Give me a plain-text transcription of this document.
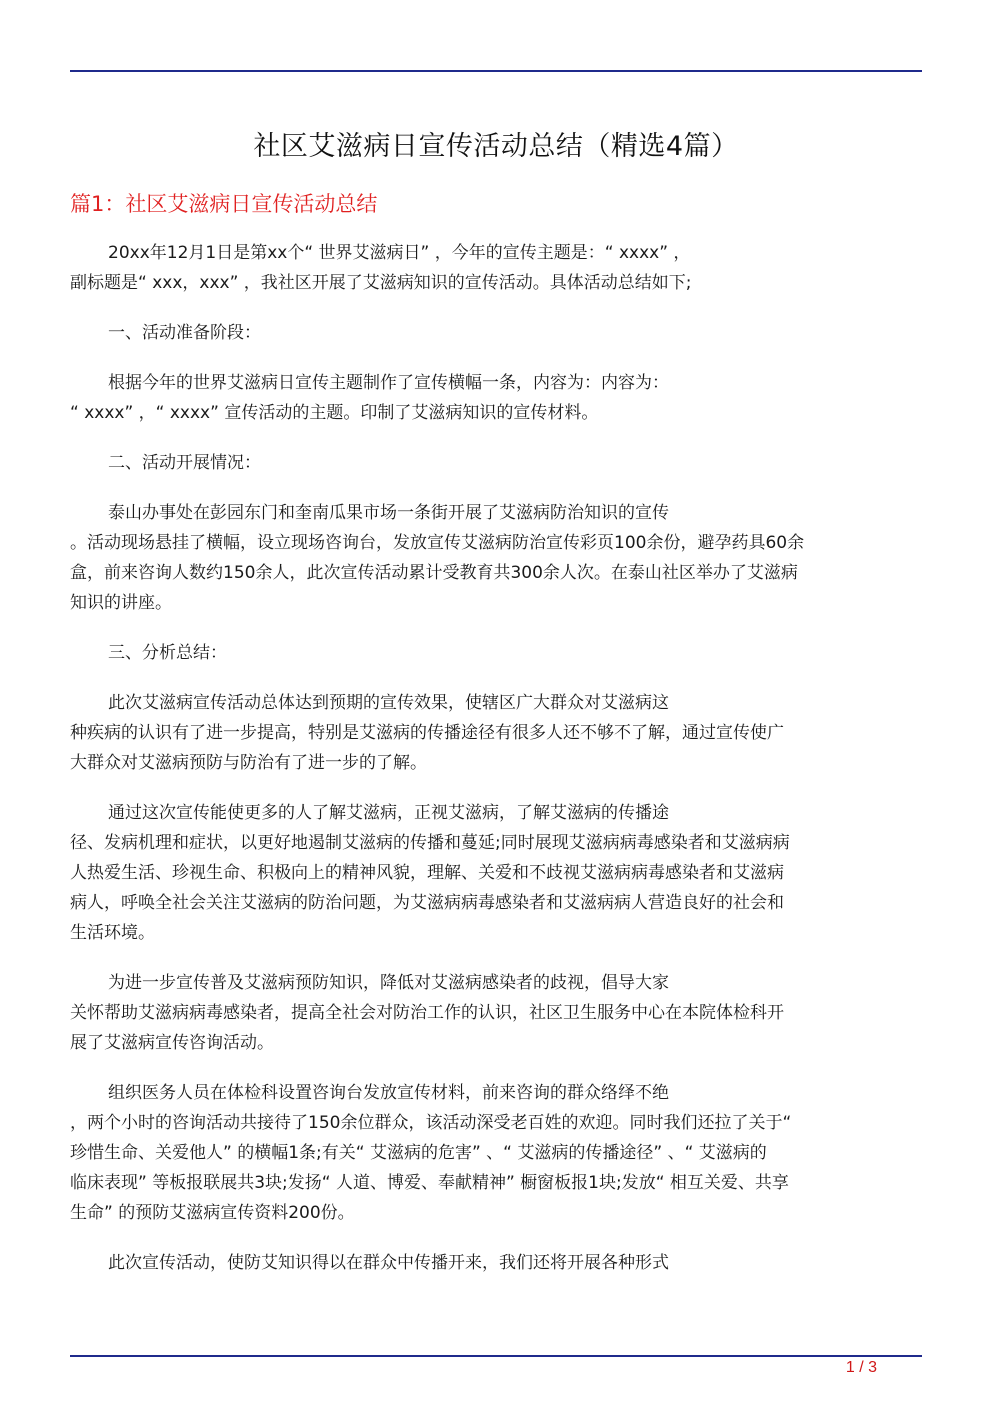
社区艾滋病日宣传活动总结（精选4篇）
篇1：社区艾滋病日宣传活动总结

20xx年12月1日是第xx个“ 世界艾滋病日” ，今年的宣传主题是：“ xxxx” ，
副标题是“ xxx，xxx” ，我社区开展了艾滋病知识的宣传活动。具体活动总结如下;

一、活动准备阶段：

根据今年的世界艾滋病日宣传主题制作了宣传横幅一条，内容为：内容为：
“ xxxx” ，“ xxxx” 宣传活动的主题。印制了艾滋病知识的宣传材料。

二、活动开展情况：

泰山办事处在彭园东门和奎南瓜果市场一条街开展了艾滋病防治知识的宣传
。活动现场悬挂了横幅，设立现场咨询台，发放宣传艾滋病防治宣传彩页100余份，避孕药具60余
盒，前来咨询人数约150余人，此次宣传活动累计受教育共300余人次。在泰山社区举办了艾滋病
知识的讲座。

三、分析总结：

此次艾滋病宣传活动总体达到预期的宣传效果，使辖区广大群众对艾滋病这
种疾病的认识有了进一步提高，特别是艾滋病的传播途径有很多人还不够不了解，通过宣传使广
大群众对艾滋病预防与防治有了进一步的了解。

通过这次宣传能使更多的人了解艾滋病，正视艾滋病，了解艾滋病的传播途
径、发病机理和症状，以更好地遏制艾滋病的传播和蔓延;同时展现艾滋病病毒感染者和艾滋病病
人热爱生活、珍视生命、积极向上的精神风貌，理解、关爱和不歧视艾滋病病毒感染者和艾滋病
病人，呼唤全社会关注艾滋病的防治问题，为艾滋病病毒感染者和艾滋病病人营造良好的社会和
生活环境。

为进一步宣传普及艾滋病预防知识，降低对艾滋病感染者的歧视，倡导大家
关怀帮助艾滋病病毒感染者，提高全社会对防治工作的认识，社区卫生服务中心在本院体检科开
展了艾滋病宣传咨询活动。

组织医务人员在体检科设置咨询台发放宣传材料，前来咨询的群众络绎不绝
，两个小时的咨询活动共接待了150余位群众，该活动深受老百姓的欢迎。同时我们还拉了关于“
珍惜生命、关爱他人” 的横幅1条;有关“ 艾滋病的危害” 、“ 艾滋病的传播途径” 、“ 艾滋病的
临床表现” 等板报联展共3块;发扬“ 人道、博爱、奉献精神” 橱窗板报1块;发放“ 相互关爱、共享
生命” 的预防艾滋病宣传资料200份。

此次宣传活动，使防艾知识得以在群众中传播开来，我们还将开展各种形式

1 / 3
